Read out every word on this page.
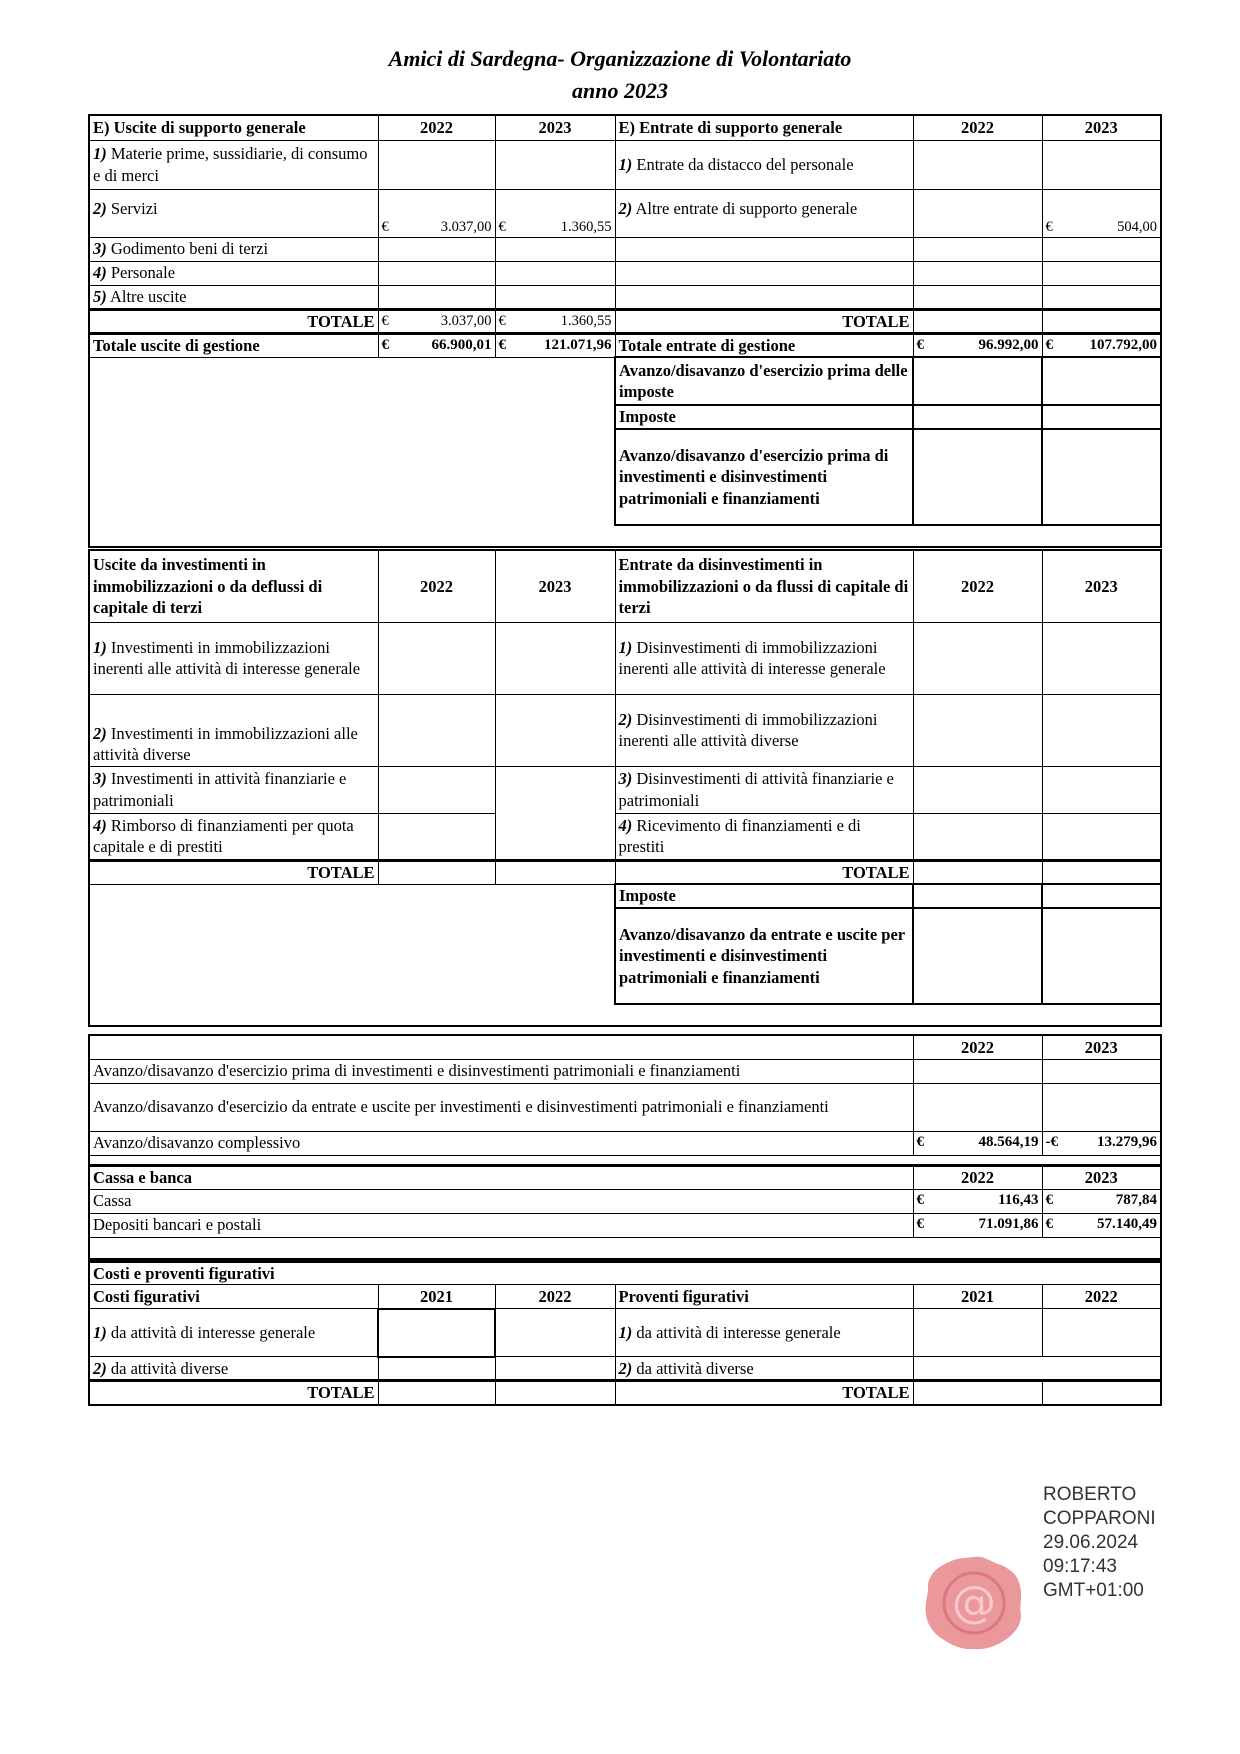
Amici di Sardegna- Organizzazione di Volontariato
anno 2023
E) Uscite di supporto generale	2022	2023	E) Entrate di supporto generale	2022	2023
1) Materie prime, sussidiarie, di consumo e di merci			1) Entrate da distacco del personale		
2) Servizi	€ 3.037,00	€ 1.360,55	2) Altre entrate di supporto generale		€ 504,00

3) Godimento beni di terzi					
4) Personale					
5) Altre uscite					
TOTALE	€ 3.037,00	€ 1.360,55	TOTALE		
Totale uscite di gestione	€ 66.900,01	€ 121.071,96	Totale entrate di gestione	€ 96.992,00	€ 107.792,00

			Avanzo/disavanzo d'esercizio prima delle imposte		
			Imposte		
			Avanzo/disavanzo d'esercizio prima di investimenti e disinvestimenti patrimoniali e finanziamenti		

Uscite da investimenti in immobilizzazioni o da deflussi di capitale di terzi	2022	2023	Entrate da disinvestimenti in immobilizzazioni o da flussi di capitale di terzi	2022	2023
1) Investimenti in immobilizzazioni inerenti alle attività di interesse generale			1) Disinvestimenti di immobilizzazioni inerenti alle attività di interesse generale		
2) Investimenti in immobilizzazioni alle attività diverse			2) Disinvestimenti di immobilizzazioni inerenti alle attività diverse		
3) Investimenti in attività finanziarie e patrimoniali			3) Disinvestimenti di attività finanziarie e patrimoniali		
4) Rimborso di finanziamenti per quota capitale e di prestiti			4) Ricevimento di finanziamenti e di prestiti		
TOTALE			TOTALE		
			Imposte		
			Avanzo/disavanzo da entrate e uscite per investimenti e disinvestimenti patrimoniali e finanziamenti		

	2022	2023
Avanzo/disavanzo d'esercizio prima di investimenti e disinvestimenti patrimoniali e finanziamenti		
Avanzo/disavanzo d'esercizio da entrate e uscite per investimenti e disinvestimenti patrimoniali e finanziamenti		
Avanzo/disavanzo complessivo	€ 48.564,19	-€ 13.279,96

Cassa e banca	2022	2023
Cassa	€ 116,43	€ 787,84

Depositi bancari e postali	€ 71.091,86	€ 57.140,49

Costi e proventi figurativi					
Costi figurativi	2021	2022	Proventi figurativi	2021	2022
1) da attività di interesse generale			1) da attività di interesse generale		
2) da attività diverse			2) da attività diverse		
TOTALE			TOTALE		
@
ROBERTO
COPPARONI
29.06.2024
09:17:43
GMT+01:00
